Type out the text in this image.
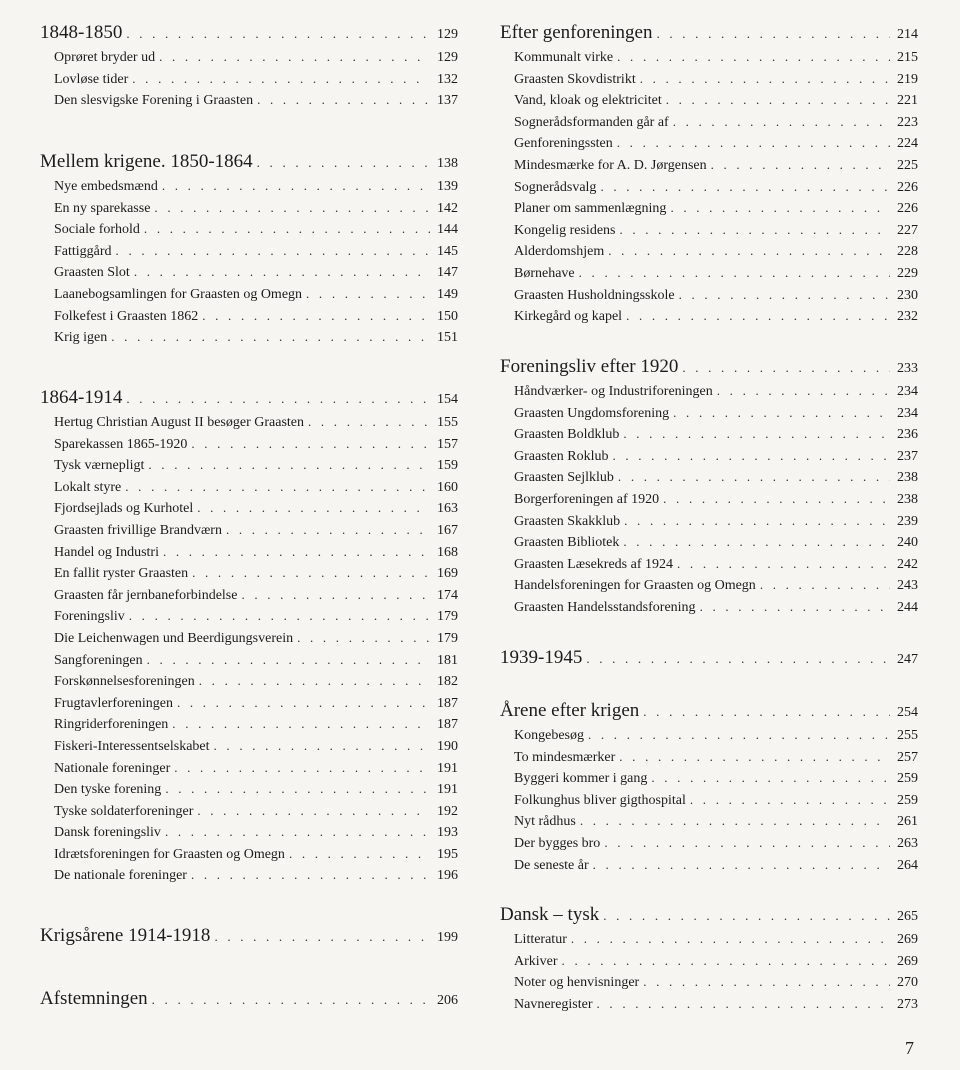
1848-1850 . . .	129
Oprøret bryder ud . . .	129
Lovløse tider . . .	132
Den slesvigske Forening i Graasten . . .	137
Mellem krigene. 1850-1864 . . .	138
Nye embedsmænd . . .	139
En ny sparekasse . . .	142
Sociale forhold . . .	144
Fattiggård . . .	145
Graasten Slot . . .	147
Laanebogsamlingen for Graasten og Omegn . . .	149
Folkefest i Graasten 1862 . . .	150
Krig igen . . .	151
1864-1914 . . .	154
Hertug Christian August II besøger Graasten . . .	155
Sparekassen 1865-1920 . . .	157
Tysk værnepligt . . .	159
Lokalt styre . . .	160
Fjordsejlads og Kurhotel . . .	163
Graasten frivillige Brandværn . . .	167
Handel og Industri . . .	168
En fallit ryster Graasten . . .	169
Graasten får jernbaneforbindelse . . .	174
Foreningsliv . . .	179
Die Leichenwagen und Beerdigungsverein . . .	179
Sangforeningen . . .	181
Forskønnelsesforeningen . . .	182
Frugtavlerforeningen . . .	187
Ringriderforeningen . . .	187
Fiskeri-Interessentselskabet . . .	190
Nationale foreninger . . .	191
Den tyske forening . . .	191
Tyske soldaterforeninger . . .	192
Dansk foreningsliv . . .	193
Idrætsforeningen for Graasten og Omegn . . .	195
De nationale foreninger . . .	196
Krigsårene 1914-1918 . . .	199
Afstemningen . . .	206
Efter genforeningen . . .	214
Kommunalt virke . . .	215
Graasten Skovdistrikt . . .	219
Vand, kloak og elektricitet . . .	221
Sognerådsformanden går af . . .	223
Genforeningssten . . .	224
Mindesmærke for A. D. Jørgensen . . .	225
Sognerådsvalg . . .	226
Planer om sammenlægning . . .	226
Kongelig residens . . .	227
Alderdomshjem . . .	228
Børnehave . . .	229
Graasten Husholdningsskole . . .	230
Kirkegård og kapel . . .	232
Foreningsliv efter 1920 . . .	233
Håndværker- og Industriforeningen . . .	234
Graasten Ungdomsforening . . .	234
Graasten Boldklub . . .	236
Graasten Roklub . . .	237
Graasten Sejlklub . . .	238
Borgerforeningen af 1920 . . .	238
Graasten Skakklub . . .	239
Graasten Bibliotek . . .	240
Graasten Læsekreds af 1924 . . .	242
Handelsforeningen for Graasten og Omegn . . .	243
Graasten Handelsstandsforening . . .	244
1939-1945 . . .	247
Årene efter krigen . . .	254
Kongebesøg . . .	255
To mindesmærker . . .	257
Byggeri kommer i gang . . .	259
Folkunghus bliver gigthospital . . .	259
Nyt rådhus . . .	261
Der bygges bro . . .	263
De seneste år . . .	264
Dansk – tysk . . .	265
Litteratur . . .	269
Arkiver . . .	269
Noter og henvisninger . . .	270
Navneregister . . .	273
7
